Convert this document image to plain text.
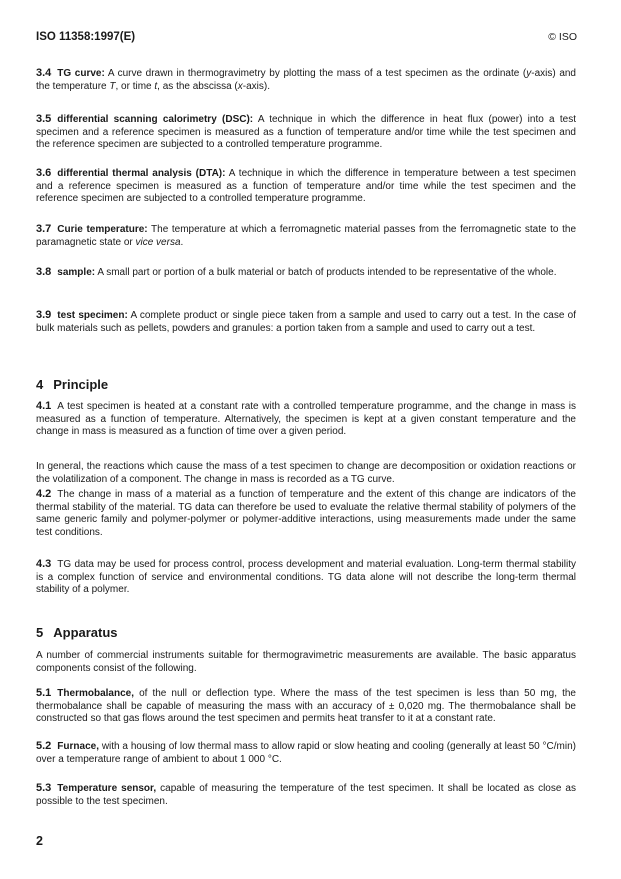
ISO 11358:1997(E)	© ISO
3.4 TG curve: A curve drawn in thermogravimetry by plotting the mass of a test specimen as the ordinate (y-axis) and the temperature T, or time t, as the abscissa (x-axis).
3.5 differential scanning calorimetry (DSC): A technique in which the difference in heat flux (power) into a test specimen and a reference specimen is measured as a function of temperature and/or time while the test specimen and the reference specimen are subjected to a controlled temperature programme.
3.6 differential thermal analysis (DTA): A technique in which the difference in temperature between a test specimen and a reference specimen is measured as a function of temperature and/or time while the test specimen and the reference specimen are subjected to a controlled temperature programme.
3.7 Curie temperature: The temperature at which a ferromagnetic material passes from the ferromagnetic state to the paramagnetic state or vice versa.
3.8 sample: A small part or portion of a bulk material or batch of products intended to be representative of the whole.
3.9 test specimen: A complete product or single piece taken from a sample and used to carry out a test. In the case of bulk materials such as pellets, powders and granules: a portion taken from a sample and used to carry out a test.
4 Principle
4.1 A test specimen is heated at a constant rate with a controlled temperature programme, and the change in mass is measured as a function of temperature. Alternatively, the specimen is kept at a given constant temperature and the change in mass is measured as a function of time over a given period.
In general, the reactions which cause the mass of a test specimen to change are decomposition or oxidation reactions or the volatilization of a component. The change in mass is recorded as a TG curve.
4.2 The change in mass of a material as a function of temperature and the extent of this change are indicators of the thermal stability of the material. TG data can therefore be used to evaluate the relative thermal stability of polymers of the same generic family and polymer-polymer or polymer-additive interactions, using measurements made under the same test conditions.
4.3 TG data may be used for process control, process development and material evaluation. Long-term thermal stability is a complex function of service and environmental conditions. TG data alone will not describe the long-term thermal stability of a polymer.
5 Apparatus
A number of commercial instruments suitable for thermogravimetric measurements are available. The basic apparatus components consist of the following.
5.1 Thermobalance, of the null or deflection type. Where the mass of the test specimen is less than 50 mg, the thermobalance shall be capable of measuring the mass with an accuracy of ± 0,020 mg. The thermobalance shall be constructed so that gas flows around the test specimen and permits heat transfer to it at a constant rate.
5.2 Furnace, with a housing of low thermal mass to allow rapid or slow heating and cooling (generally at least 50 °C/min) over a temperature range of ambient to about 1 000 °C.
5.3 Temperature sensor, capable of measuring the temperature of the test specimen. It shall be located as close as possible to the test specimen.
2
